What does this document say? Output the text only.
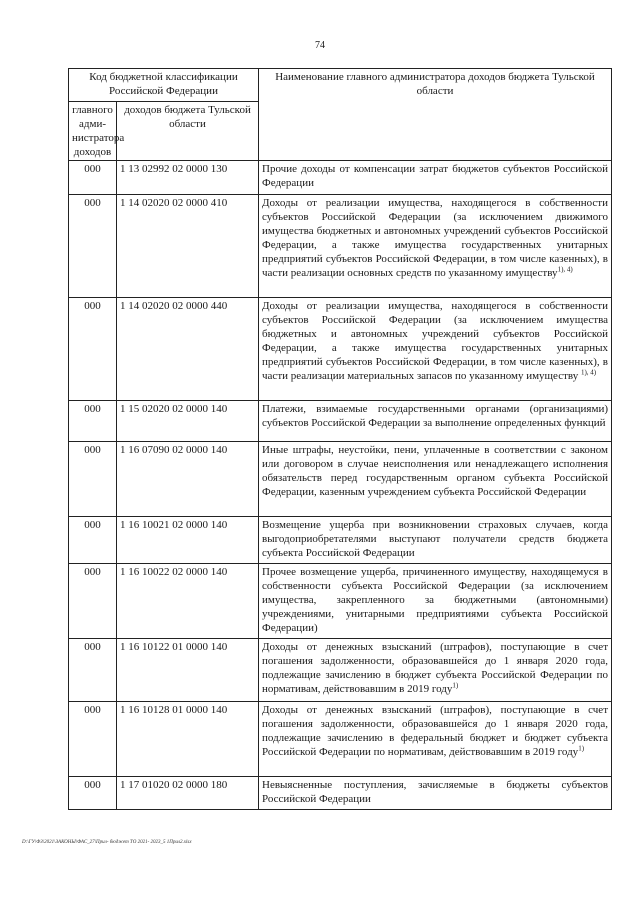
74
Код бюджетной классификации Российской Федерации		Наименование главного администратора доходов бюджета Тульской области
главного адми-нистратора доходов	доходов бюджета Тульской области	
000	1 13 02992 02 0000 130	Прочие доходы от компенсации затрат бюджетов субъектов Российской Федерации
000	1 14 02020 02 0000 410	Доходы от реализации имущества, находящегося в собственности субъектов Российской Федерации (за исключением движимого имущества бюджетных и автономных учреждений субъектов Российской Федерации, а также имущества государственных унитарных предприятий субъектов Российской Федерации, в том числе казенных), в части реализации основных средств по указанному имуществу$^{1), 4)}$
000	1 14 02020 02 0000 440	Доходы от реализации имущества, находящегося в собственности субъектов Российской Федерации (за исключением имущества бюджетных и автономных учреждений субъектов Российской Федерации, а также имущества государственных унитарных предприятий субъектов Российской Федерации, в том числе казенных), в части реализации материальных запасов по указанному имуществу $^{1), 4)}$
000	1 15 02020 02 0000 140	Платежи, взимаемые государственными органами (организациями) субъектов Российской Федерации за выполнение определенных функций
000	1 16 07090 02 0000 140	Иные штрафы, неустойки, пени, уплаченные в соответствии с законом или договором в случае неисполнения или ненадлежащего исполнения обязательств перед государственным органом субъекта Российской Федерации, казенным учреждением субъекта Российской Федерации
000	1 16 10021 02 0000 140	Возмещение ущерба при возникновении страховых случаев, когда выгодоприобретателями выступают получатели средств бюджета субъекта Российской Федерации
000	1 16 10022 02 0000 140	Прочее возмещение ущерба, причиненного имуществу, находящемуся в собственности субъекта Российской Федерации (за исключением имущества, закрепленного за бюджетными (автономными) учреждениями, унитарными предприятиями субъекта Российской Федерации)
000	1 16 10122 01 0000 140	Доходы от денежных взысканий (штрафов), поступающие в счет погашения задолженности, образовавшейся до 1 января 2020 года, подлежащие зачислению в бюджет субъекта Российской Федерации по нормативам, действовавшим в 2019 году$^{1)}$
000	1 16 10128 01 0000 140	Доходы от денежных взысканий (штрафов), поступающие в счет погашения задолженности, образовавшейся до 1 января 2020 года, подлежащие зачислению в федеральный бюджет и бюджет субъекта Российской Федерации по нормативам, действовавшим в 2019 году$^{1)}$
000	1 17 01020 02 0000 180	Невыясненные поступления, зачисляемые в бюджеты субъектов Российской Федерации
D:\ГУ\ФЗ\2021\ЗАКОНЫ\ФАС_27\Прил- бюджет ТО 2021- 2023_5 1Прил2.xlsx
